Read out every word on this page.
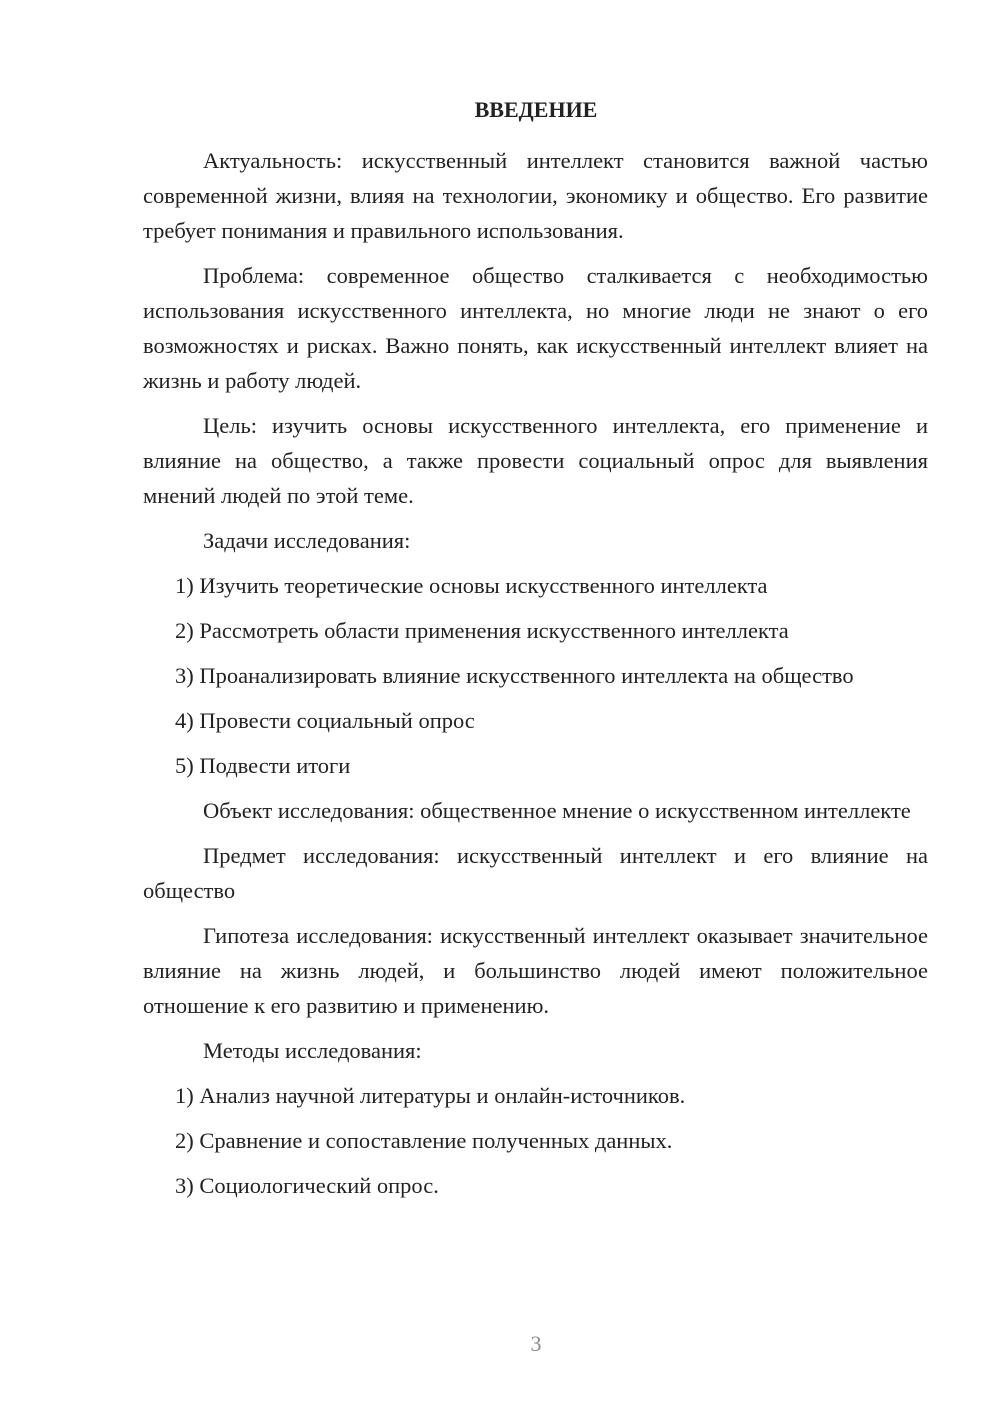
ВВЕДЕНИЕ

Актуальность: искусственный интеллект становится важной частью современной жизни, влияя на технологии, экономику и общество. Его развитие требует понимания и правильного использования.

Проблема: современное общество сталкивается с необходимостью использования искусственного интеллекта, но многие люди не знают о его возможностях и рисках. Важно понять, как искусственный интеллект влияет на жизнь и работу людей.

Цель: изучить основы искусственного интеллекта, его применение и влияние на общество, а также провести социальный опрос для выявления мнений людей по этой теме.

Задачи исследования:

1) Изучить теоретические основы искусственного интеллекта

2) Рассмотреть области применения искусственного интеллекта

3) Проанализировать влияние искусственного интеллекта на общество

4) Провести социальный опрос

5) Подвести итоги

Объект исследования: общественное мнение о искусственном интеллекте

Предмет исследования: искусственный интеллект и его влияние на общество

Гипотеза исследования: искусственный интеллект оказывает значительное влияние на жизнь людей, и большинство людей имеют положительное отношение к его развитию и применению.

Методы исследования:

1) Анализ научной литературы и онлайн-источников.

2) Сравнение и сопоставление полученных данных.

3) Социологический опрос.

3
